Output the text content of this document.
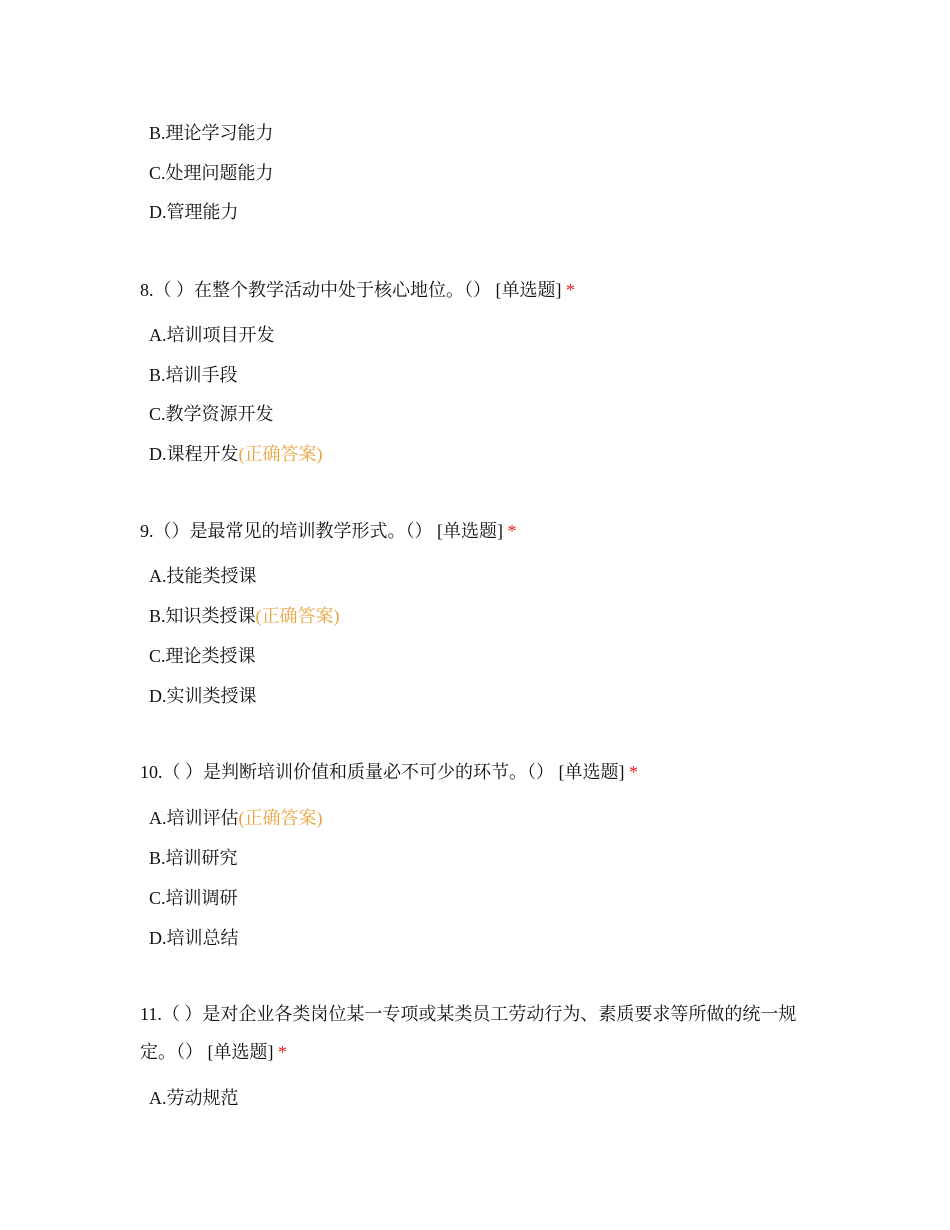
B.理论学习能力
C.处理问题能力
D.管理能力

8.（ ）在整个教学活动中处于核心地位。（） [单选题] *

A.培训项目开发
B.培训手段
C.教学资源开发
D.课程开发(正确答案)

9.（）是最常见的培训教学形式。（） [单选题] *

A.技能类授课
B.知识类授课(正确答案)
C.理论类授课
D.实训类授课

10.（ ）是判断培训价值和质量必不可少的环节。（） [单选题] *

A.培训评估(正确答案)
B.培训研究
C.培训调研
D.培训总结

11.（ ）是对企业各类岗位某一专项或某类员工劳动行为、素质要求等所做的统一规定。（） [单选题] *

A.劳动规范
